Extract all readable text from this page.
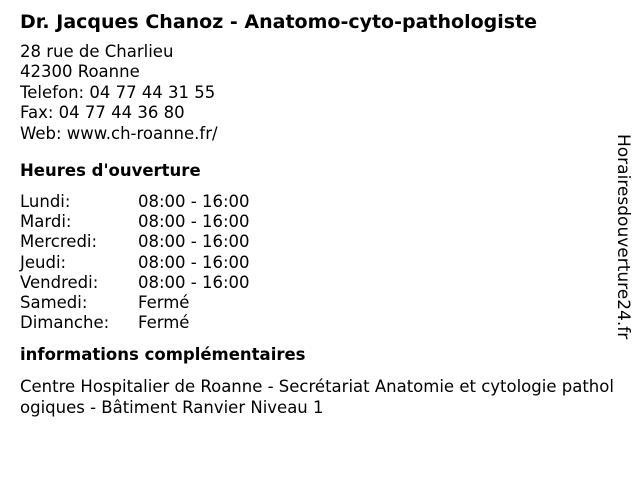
Dr. Jacques Chanoz - Anatomo-cyto-pathologiste
28 rue de Charlieu
42300 Roanne
Telefon: 04 77 44 31 55
Fax: 04 77 44 36 80
Web: www.ch-roanne.fr/
Heures d'ouverture
Lundi:	08:00 - 16:00
Mardi:	08:00 - 16:00
Mercredi:	08:00 - 16:00
Jeudi:	08:00 - 16:00
Vendredi:	08:00 - 16:00
Samedi:	Fermé
Dimanche:	Fermé
informations complémentaires
Centre Hospitalier de Roanne - Secrétariat Anatomie et cytologie pathologiques - Bâtiment Ranvier Niveau 1
Horairesdouverture24.fr
